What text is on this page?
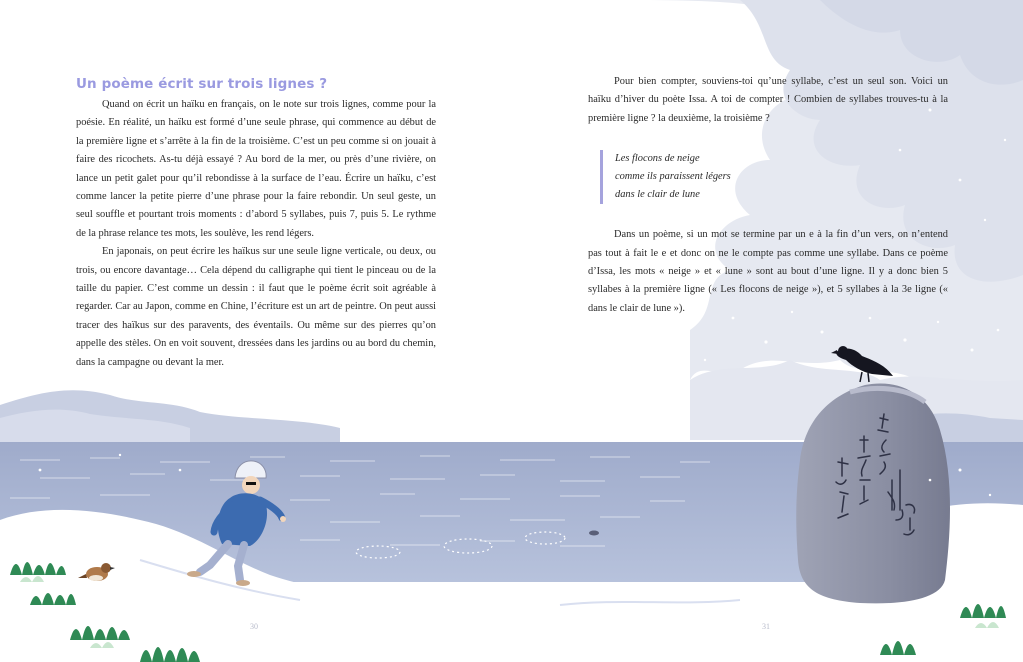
Un poème écrit sur trois lignes ?

Quand on écrit un haïku en français, on le note sur trois lignes, comme pour la poésie. En réalité, un haïku est formé d’une seule phrase, qui commence au début de la première ligne et s’arrête à la fin de la troisième. C’est un peu comme si on jouait à faire des ricochets. As-tu déjà essayé ? Au bord de la mer, ou près d’une rivière, on lance un petit galet pour qu’il rebondisse à la surface de l’eau. Écrire un haïku, c’est comme lancer la petite pierre d’une phrase pour la faire rebondir. Un seul geste, un seul souffle et pourtant trois moments : d’abord 5 syllabes, puis 7, puis 5. Le rythme de la phrase relance tes mots, les soulève, les rend légers.

En japonais, on peut écrire les haïkus sur une seule ligne verticale, ou deux, ou trois, ou encore davantage… Cela dépend du calligraphe qui tient le pinceau ou de la taille du papier. C’est comme un dessin : il faut que le poème écrit soit agréable à regarder. Car au Japon, comme en Chine, l’écriture est un art de peintre. On peut aussi tracer des haïkus sur des paravents, des éventails. Ou même sur des pierres qu’on appelle des stèles. On en voit souvent, dressées dans les jardins ou au bord du chemin, dans la campagne ou devant la mer.

Pour bien compter, souviens-toi qu’une syllabe, c’est un seul son. Voici un haïku d’hiver du poète Issa. A toi de compter ! Combien de syllabes trouves-tu à la première ligne ? la deuxième, la troisième ?

Les flocons de neige
comme ils paraissent légers
dans le clair de lune

Dans un poème, si un mot se termine par un e à la fin d’un vers, on n’entend pas tout à fait le e et donc on ne le compte pas comme une syllabe. Dans ce poème d’Issa, les mots « neige » et « lune » sont au bout d’une ligne. Il y a donc bien 5 syllabes à la première ligne (« Les flocons de neige »), et 5 syllabes à la 3e ligne (« dans le clair de lune »).

30	31
